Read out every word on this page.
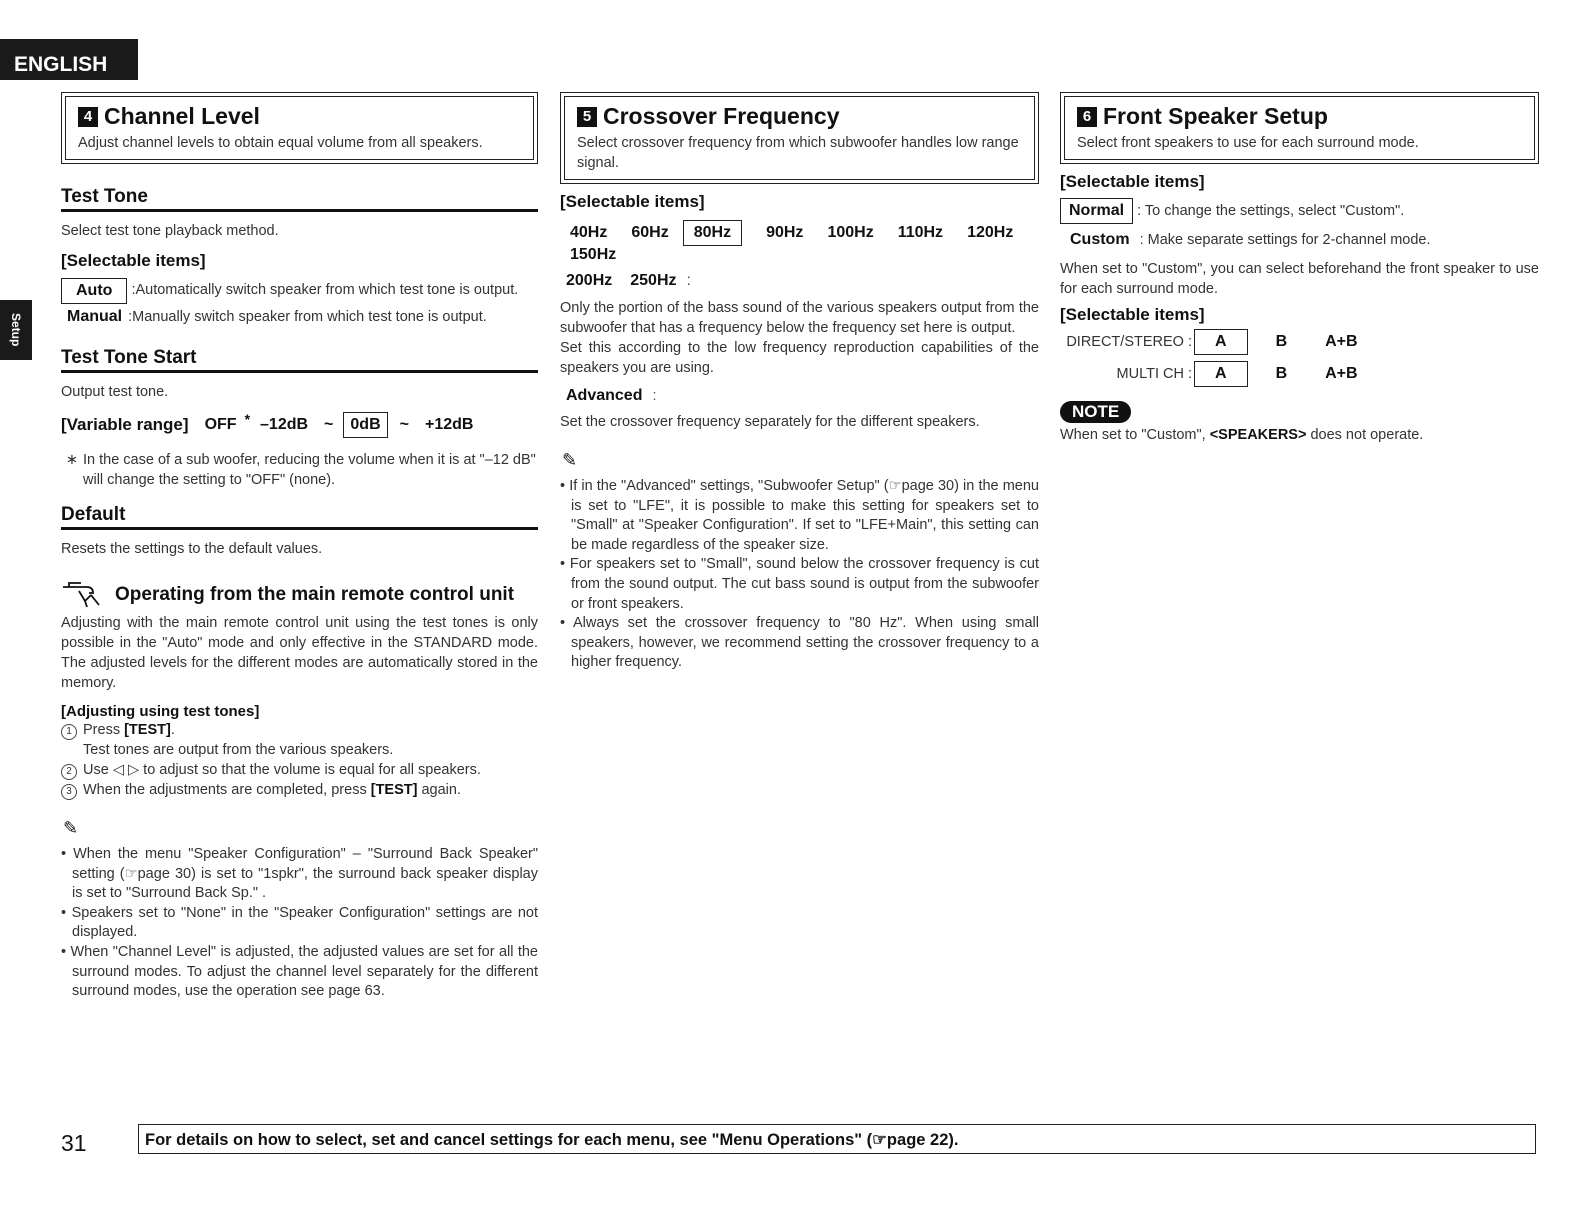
ENGLISH
Setup
4 Channel Level
Adjust channel levels to obtain equal volume from all speakers.
Test Tone
Select test tone playback method.
[Selectable items]
Auto	:Automatically switch speaker from which test tone is output.
Manual :Manually switch speaker from which test tone is output.
Test Tone Start
Output test tone.
[Variable range] OFF * –12dB ~	0dB	~ +12dB
∗ In the case of a sub woofer, reducing the volume when it is at "–12 dB" will change the setting to "OFF" (none).
Default
Resets the settings to the default values.
Operating from the main remote control unit
Adjusting with the main remote control unit using the test tones is only possible in the "Auto" mode and only effective in the STANDARD mode. The adjusted levels for the different modes are automatically stored in the memory.
[Adjusting using test tones]
1 Press [TEST].
Test tones are output from the various speakers.
2 Use ◁ ▷ to adjust so that the volume is equal for all speakers.
3 When the adjustments are completed, press [TEST] again.
✎
• When the menu "Speaker Configuration" – "Surround Back Speaker" setting (☞page 30) is set to "1spkr", the surround back speaker display is set to "Surround Back Sp." .
• Speakers set to "None" in the "Speaker Configuration" settings are not displayed.
• When "Channel Level" is adjusted, the adjusted values are set for all the surround modes. To adjust the channel level separately for the different surround modes, use the operation see page 63.
5 Crossover Frequency
Select crossover frequency from which subwoofer handles low range signal.
[Selectable items]
40Hz 60Hz	80Hz	90Hz 100Hz 110Hz 120Hz
150Hz
200Hz 250Hz :
Only the portion of the bass sound of the various speakers output from the subwoofer that has a frequency below the frequency set here is output.
Set this according to the low frequency reproduction capabilities of the speakers you are using.
Advanced :
Set the crossover frequency separately for the different speakers.
✎
• If in the "Advanced" settings, "Subwoofer Setup" (☞page 30) in the menu is set to "LFE", it is possible to make this setting for speakers set to "Small" at "Speaker Configuration". If set to "LFE+Main", this setting can be made regardless of the speaker size.
• For speakers set to "Small", sound below the crossover frequency is cut from the sound output. The cut bass sound is output from the subwoofer or front speakers.
• Always set the crossover frequency to "80 Hz". When using small speakers, however, we recommend setting the crossover frequency to a higher frequency.
6 Front Speaker Setup
Select front speakers to use for each surround mode.
[Selectable items]
Normal : To change the settings, select "Custom".
Custom : Make separate settings for 2-channel mode.
When set to "Custom", you can select beforehand the front speaker to use for each surround mode.
[Selectable items]
DIRECT/STEREO :	A	B A+B
MULTI CH :	A	B A+B
NOTE
When set to "Custom", <SPEAKERS> does not operate.
31	For details on how to select, set and cancel settings for each menu, see "Menu Operations" (☞page 22).
